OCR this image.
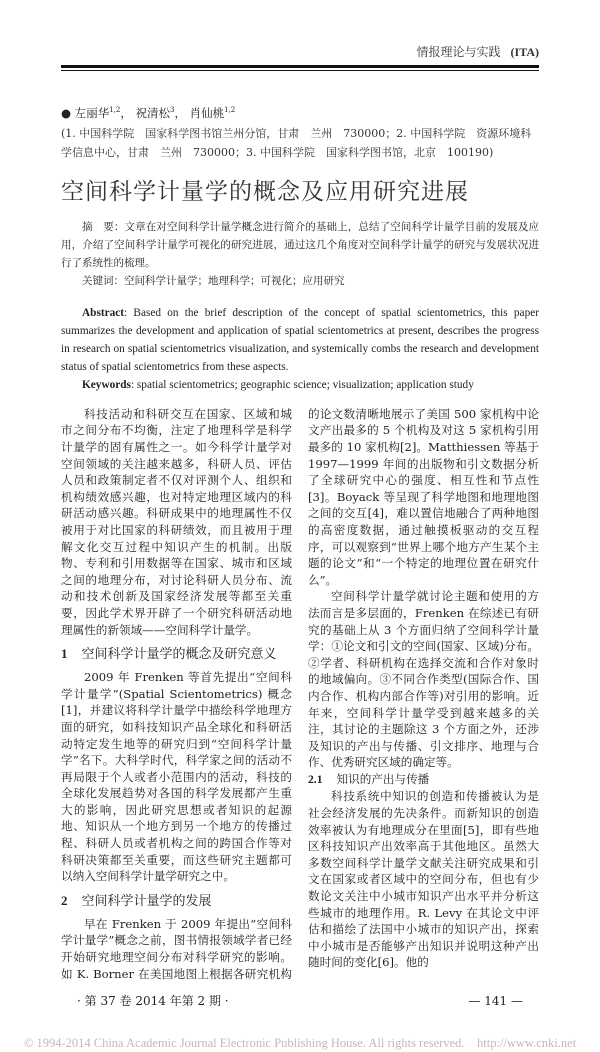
情报理论与实践 (ITA)
● 左丽华$^{1,2}$， 祝清松$^3$， 肖仙桃$^{1,2}$
(1. 中国科学院　国家科学图书馆兰州分馆，甘肃　兰州　730000；2. 中国科学院　资源环境科学信息中心，甘肃　兰州　730000；3. 中国科学院　国家科学图书馆，北京　100190)
空间科学计量学的概念及应用研究进展
摘　要：文章在对空间科学计量学概念进行简介的基础上，总结了空间科学计量学目前的发展及应用，介绍了空间科学计量学可视化的研究进展，通过这几个角度对空间科学计量学的研究与发展状况进行了系统性的梳理。
关键词：空间科学计量学；地理科学；可视化；应用研究
Abstract: Based on the brief description of the concept of spatial scientometrics, this paper summarizes the development and application of spatial scientometrics at present, describes the progress in research on spatial scientometrics visualization, and systemically combs the research and development status of spatial scientometrics from these aspects.
Keywords: spatial scientometrics; geographic science; visualization; application study

科技活动和科研交互在国家、区域和城市之间分布不均衡，注定了地理科学是科学计量学的固有属性之一。如今科学计量学对空间领域的关注越来越多，科研人员、评估人员和政策制定者不仅对评测个人、组织和机构绩效感兴趣，也对特定地理区域内的科研活动感兴趣。科研成果中的地理属性不仅被用于对比国家的科研绩效，而且被用于理解文化交互过程中知识产生的机制。出版物、专利和引用数据等在国家、城市和区域之间的地理分布，对讨论科研人员分布、流动和技术创新及国家经济发展等都至关重要，因此学术界开辟了一个研究科研活动地理属性的新领域——空间科学计量学。

1 空间科学计量学的概念及研究意义

2009 年 Frenken 等首先提出“空间科学计量学”(Spatial Scientometrics) 概念[1]，并建议将科学计量学中描绘科学地理方面的研究，如科技知识产品全球化和科研活动特定发生地等的研究归到“空间科学计量学”名下。大科学时代，科学家之间的活动不再局限于个人或者小范围内的活动，科技的全球化发展趋势对各国的科学发展都产生重大的影响，因此研究思想或者知识的起源地、知识从一个地方到另一个地方的传播过程、科研人员或者机构之间的跨国合作等对科研决策都至关重要，而这些研究主题都可以纳入空间科学计量学研究之中。

2 空间科学计量学的发展

早在 Frenken 于 2009 年提出“空间科学计量学”概念之前，图书情报领域学者已经开始研究地理空间分布对科学研究的影响。如 K. Borner 在美国地图上根据各研究机构的论文数清晰地展示了美国 500 家机构中论文产出最多的 5 个机构及对这 5 家机构引用最多的 10 家机构[2]。Matthiessen 等基于 1997—1999 年间的出版物和引文数据分析了全球研究中心的强度、相互性和节点性[3]。Boyack 等呈现了科学地图和地理地图之间的交互[4]，难以置信地融合了两种地图的高密度数据，通过触摸板驱动的交互程序，可以观察到“世界上哪个地方产生某个主题的论文”和“一个特定的地理位置在研究什么”。

空间科学计量学就讨论主题和使用的方法而言是多层面的，Frenken 在综述已有研究的基础上从 3 个方面归纳了空间科学计量学：①论文和引文的空间(国家、区域)分布。②学者、科研机构在选择交流和合作对象时的地域偏向。③不同合作类型(国际合作、国内合作、机构内部合作等)对引用的影响。近年来，空间科学计量学受到越来越多的关注，其讨论的主题除这 3 个方面之外，还涉及知识的产出与传播、引文排序、地理与合作、优秀研究区域的确定等。

2.1 知识的产出与传播

科技系统中知识的创造和传播被认为是社会经济发展的先决条件。而新知识的创造效率被认为有地理成分在里面[5]，即有些地区科技知识产出效率高于其他地区。虽然大多数空间科学计量学文献关注研究成果和引文在国家或者区域中的空间分布，但也有少数论文关注中小城市知识产出水平并分析这些城市的地理作用。R. Levy 在其论文中评估和描绘了法国中小城市的知识产出，探索中小城市是否能够产出知识并说明这种产出随时间的变化[6]。他的

· 第 37 卷 2014 年第 2 期 ·	— 141 —
© 1994-2014 China Academic Journal Electronic Publishing House. All rights reserved.    http://www.cnki.net
